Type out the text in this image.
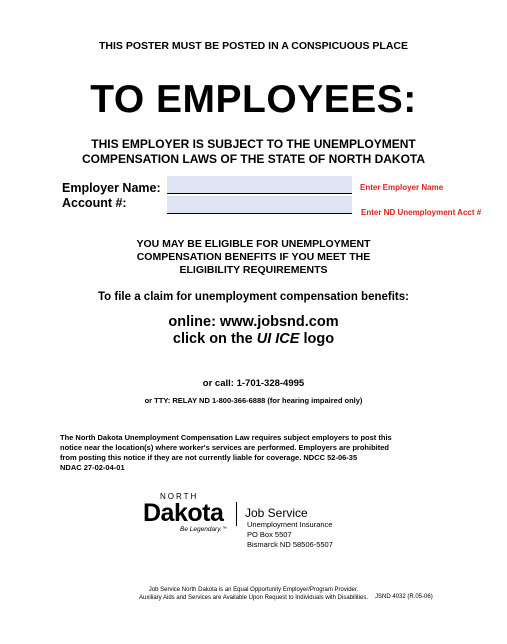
THIS POSTER MUST BE POSTED IN A CONSPICUOUS PLACE
TO EMPLOYEES:
THIS EMPLOYER IS SUBJECT TO THE UNEMPLOYMENT
COMPENSATION LAWS OF THE STATE OF NORTH DAKOTA
Employer Name:	Enter Employer Name
Account #:
Enter ND Unemployment Acct #
YOU MAY BE ELIGIBLE FOR UNEMPLOYMENT
COMPENSATION BENEFITS IF YOU MEET THE
ELIGIBILITY REQUIREMENTS
To file a claim for unemployment compensation benefits:
online: www.jobsnd.com
click on the UI ICE logo
or call: 1-701-328-4995
or TTY: RELAY ND 1-800-366-6888 (for hearing impaired only)
The North Dakota Unemployment Compensation Law requires subject employers to post this
notice near the location(s) where worker's services are performed. Employers are prohibited
from posting this notice if they are not currently liable for coverage. NDCC 52-06-35
NDAC 27-02-04-01
NORTH
Dakota
Be Legendary.™
Job Service
Unemployment Insurance
PO Box 5507
Bismarck ND 58506-5507
Job Service North Dakota is an Equal Opportunity Employer/Program Provider.
Auxiliary Aids and Services are Available Upon Request to Individuals with Disabilities.	JSND 4032 (R.05-06)
